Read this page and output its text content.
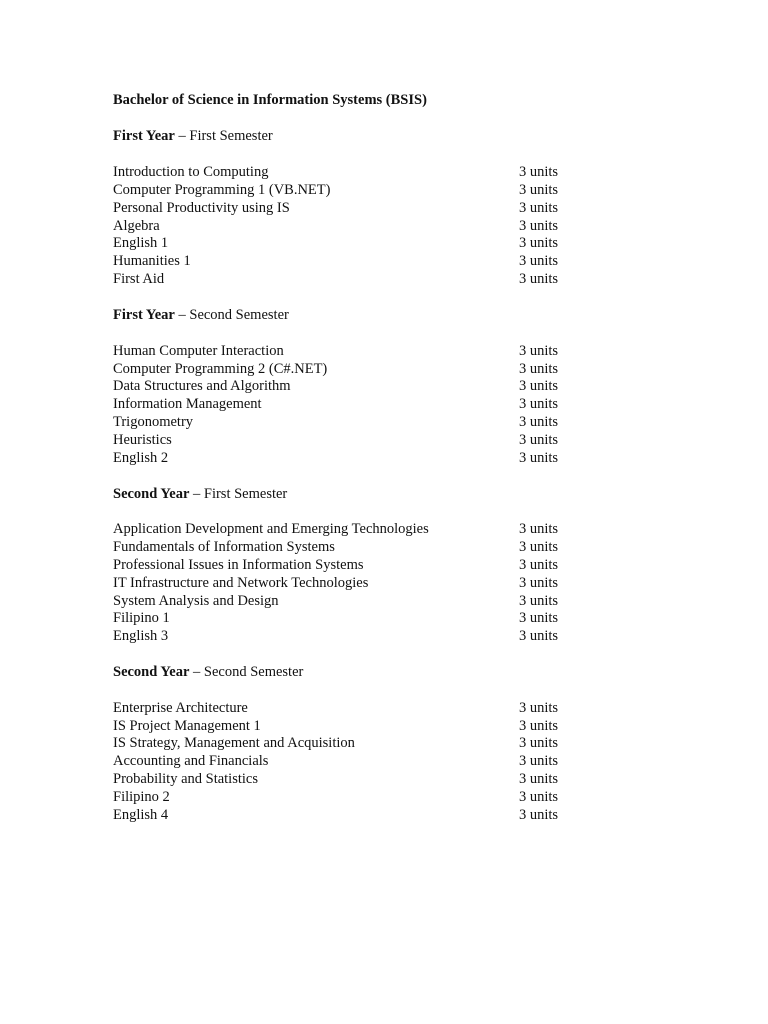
Bachelor of Science in Information Systems (BSIS)
First Year – First Semester
Introduction to Computing	3 units
Computer Programming 1 (VB.NET)	3 units
Personal Productivity using IS	3 units
Algebra	3 units
English 1	3 units
Humanities 1	3 units
First Aid	3 units
First Year – Second Semester
Human Computer Interaction	3 units
Computer Programming 2 (C#.NET)	3 units
Data Structures and Algorithm	3 units
Information Management	3 units
Trigonometry	3 units
Heuristics	3 units
English 2	3 units
Second Year – First Semester
Application Development and Emerging Technologies	3 units
Fundamentals of Information Systems	3 units
Professional Issues in Information Systems	3 units
IT Infrastructure and Network Technologies	3 units
System Analysis and Design	3 units
Filipino 1	3 units
English 3	3 units
Second Year – Second Semester
Enterprise Architecture	3 units
IS Project Management 1	3 units
IS Strategy, Management and Acquisition	3 units
Accounting and Financials	3 units
Probability and Statistics	3 units
Filipino 2	3 units
English 4	3 units
